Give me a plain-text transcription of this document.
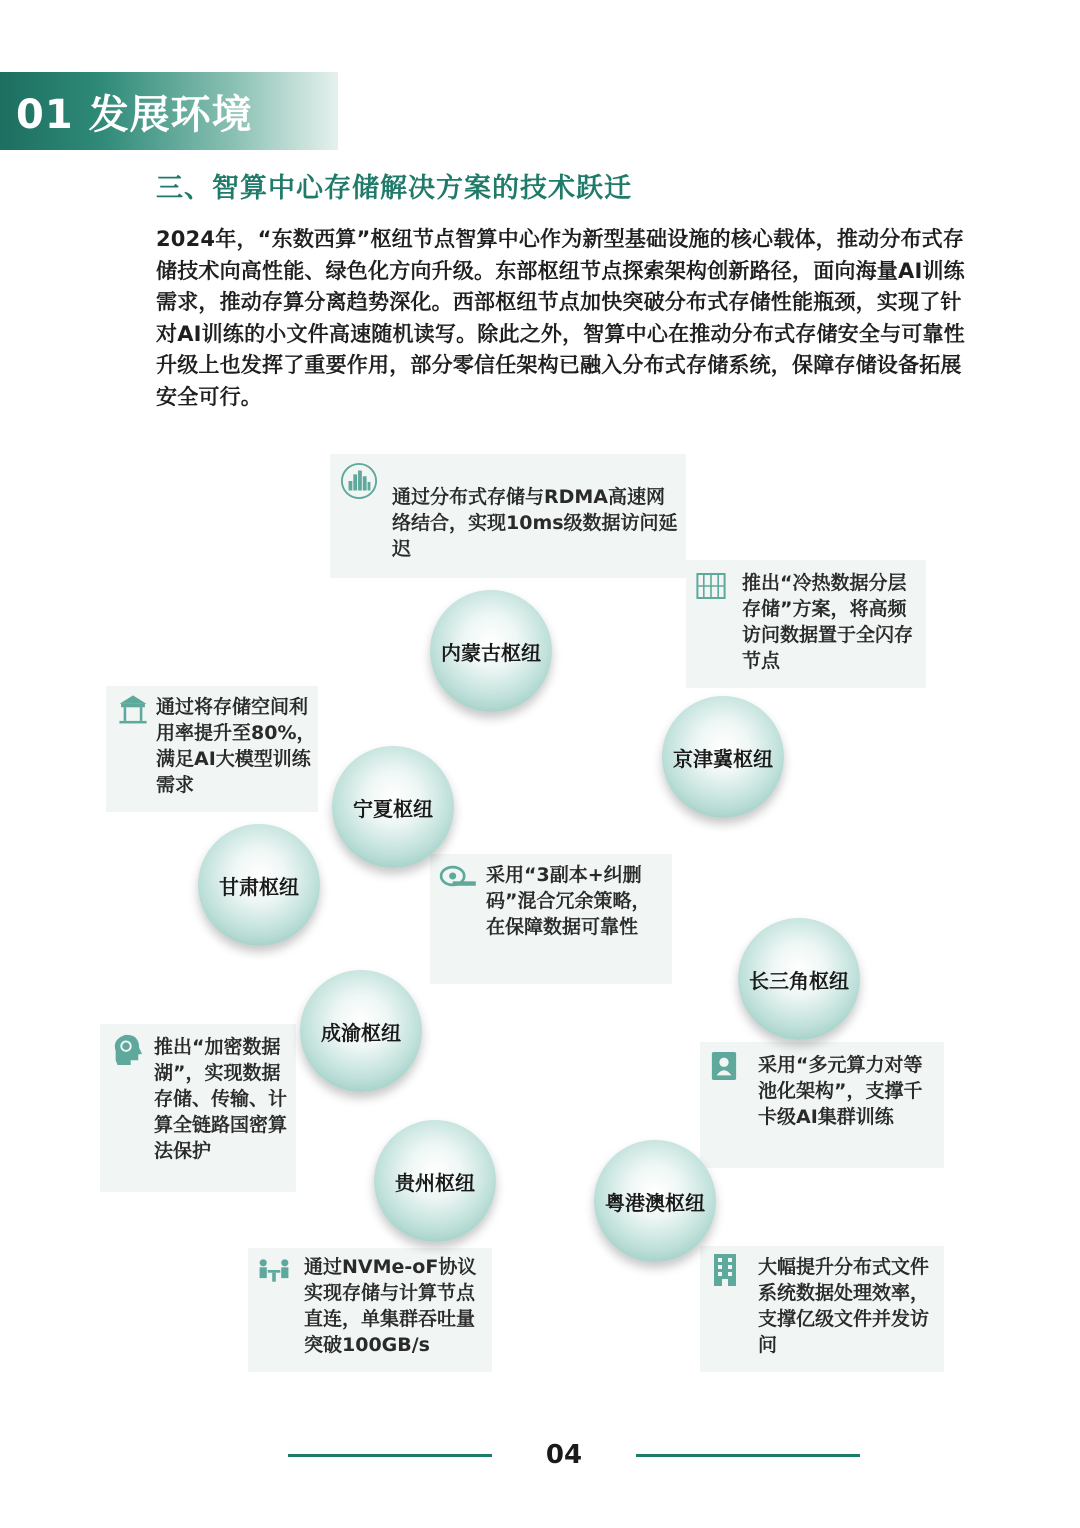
01 发展环境
三、智算中心存储解决方案的技术跃迁
2024年，“东数西算”枢纽节点智算中心作为新型基础设施的核心载体，推动分布式存储技术向高性能、绿色化方向升级。东部枢纽节点探索架构创新路径，面向海量AI训练需求，推动存算分离趋势深化。西部枢纽节点加快突破分布式存储性能瓶颈，实现了针对AI训练的小文件高速随机读写。除此之外，智算中心在推动分布式存储安全与可靠性升级上也发挥了重要作用，部分零信任架构已融入分布式存储系统，保障存储设备拓展安全可行。
通过分布式存储与RDMA高速网络结合，实现10ms级数据访问延迟
推出“冷热数据分层存储”方案，将高频访问数据置于全闪存节点
通过将存储空间利用率提升至80%，满足AI大模型训练需求
采用“3副本+纠删码”混合冗余策略，在保障数据可靠性
采用“多元算力对等池化架构”，支撑千卡级AI集群训练
推出“加密数据湖”，实现数据存储、传输、计算全链路国密算法保护
通过NVMe-oF协议实现存储与计算节点直连，单集群吞吐量突破100GB/s
大幅提升分布式文件系统数据处理效率，支撑亿级文件并发访问
内蒙古枢纽
京津冀枢纽
宁夏枢纽
甘肃枢纽
长三角枢纽
成渝枢纽
贵州枢纽
粤港澳枢纽
04
